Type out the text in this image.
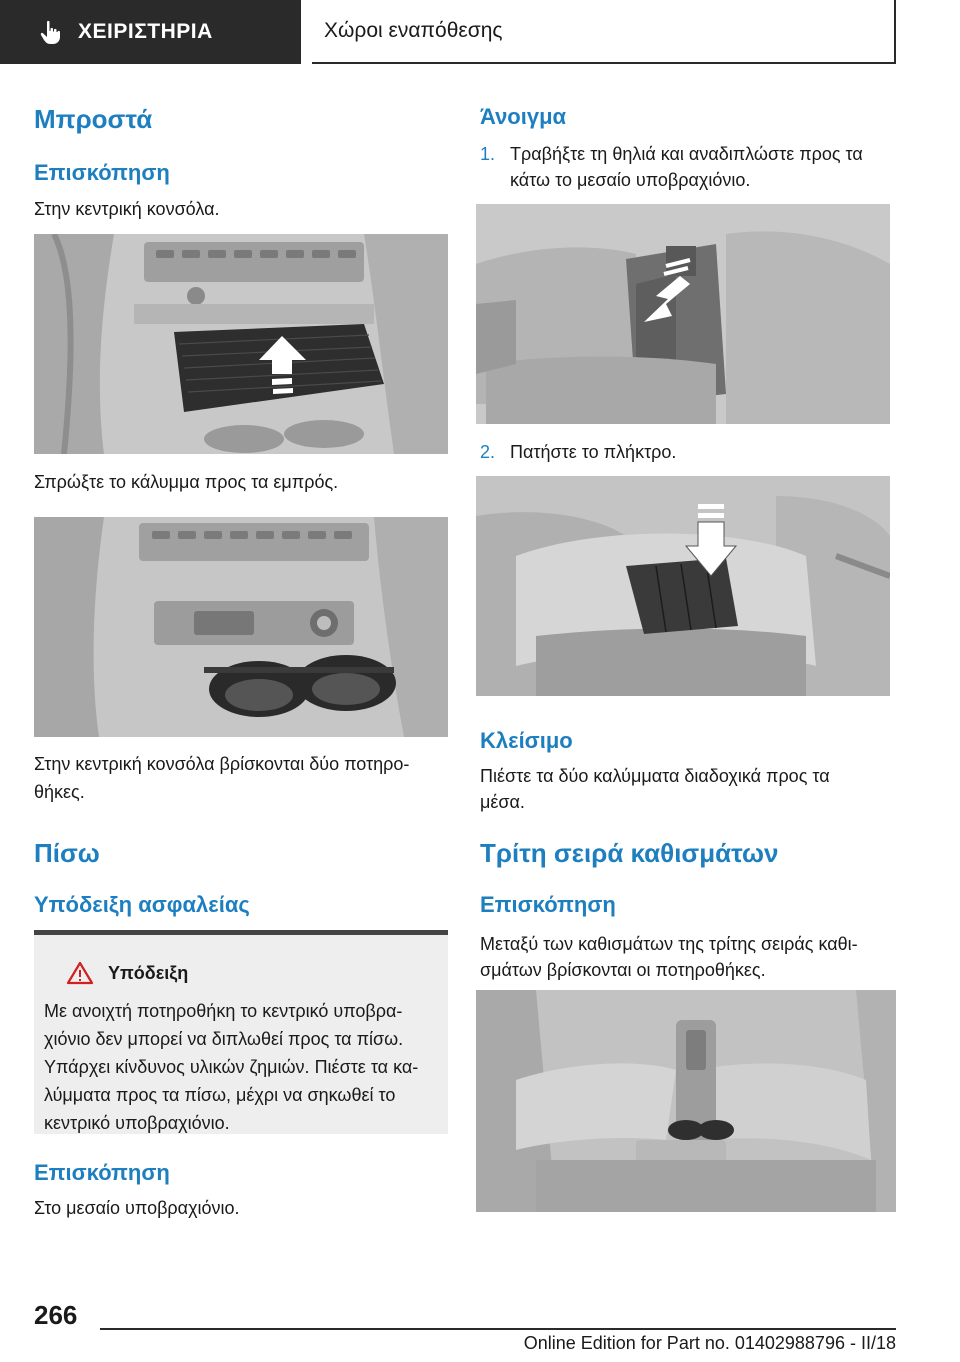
ΧΕΙΡΙΣΤΗΡΙΑ	Χώροι εναπόθεσης
Μπροστά
Επισκόπηση
Στην κεντρική κονσόλα.
Σπρώξτε το κάλυμμα προς τα εμπρός.
Στην κεντρική κονσόλα βρίσκονται δύο ποτηρο-
θήκες.
Πίσω
Υπόδειξη ασφαλείας
Υπόδειξη
Με ανοιχτή ποτηροθήκη το κεντρικό υποβρα-
χιόνιο δεν μπορεί να διπλωθεί προς τα πίσω.
Υπάρχει κίνδυνος υλικών ζημιών. Πιέστε τα κα-
λύμματα προς τα πίσω, μέχρι να σηκωθεί το
κεντρικό υποβραχιόνιο.
Επισκόπηση
Στο μεσαίο υποβραχιόνιο.
Άνοιγμα
1. Τραβήξτε τη θηλιά και αναδιπλώστε προς τα
κάτω το μεσαίο υποβραχιόνιο.
2. Πατήστε το πλήκτρο.
Κλείσιμο
Πιέστε τα δύο καλύμματα διαδοχικά προς τα
μέσα.
Τρίτη σειρά καθισμάτων
Επισκόπηση
Μεταξύ των καθισμάτων της τρίτης σειράς καθι-
σμάτων βρίσκονται οι ποτηροθήκες.
266
Online Edition for Part no. 01402988796 - II/18
